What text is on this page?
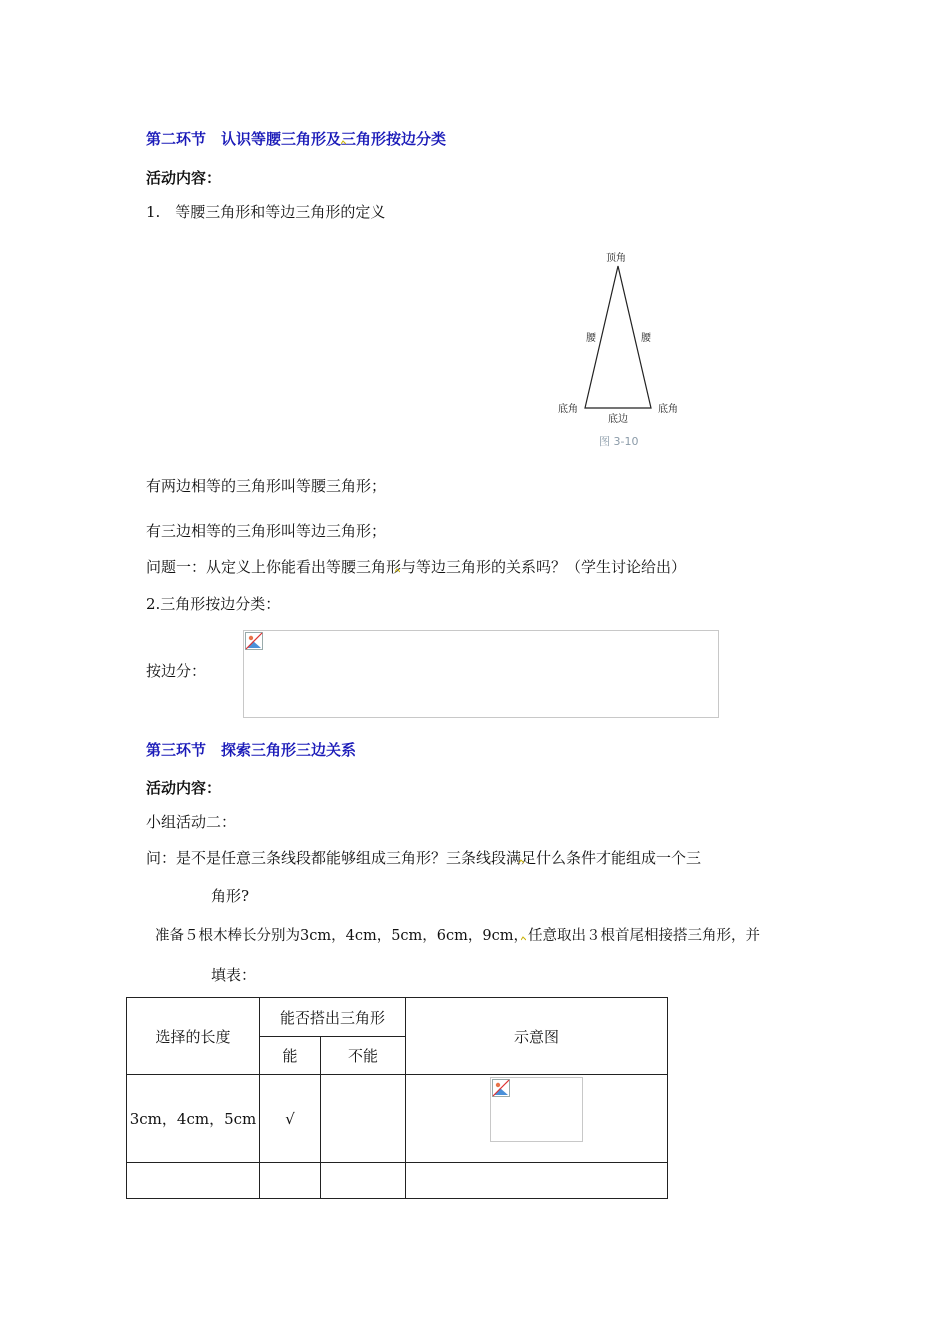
第二环节　认识等腰三角形及三角形按边分类
活动内容：
1.　等腰三角形和等边三角形的定义
顶角
腰	腰
底角	底角
底边
图 3-10
有两边相等的三角形叫等腰三角形；
有三边相等的三角形叫等边三角形；
问题一：从定义上你能看出等腰三角形与等边三角形的关系吗？（学生讨论给出）
2.三角形按边分类：
按边分：
第三环节　探索三角形三边关系
活动内容：
小组活动二：
问：是不是任意三条线段都能够组成三角形？三条线段满足什么条件才能组成一个三
角形?
准备５根木棒长分别为3cm，4cm，5cm，6cm，9cm，任意取出３根首尾相接搭三角形，并
填表：
选择的长度	能否搭出三角形		示意图
	能	不能	
3cm，4cm，5cm	√		
